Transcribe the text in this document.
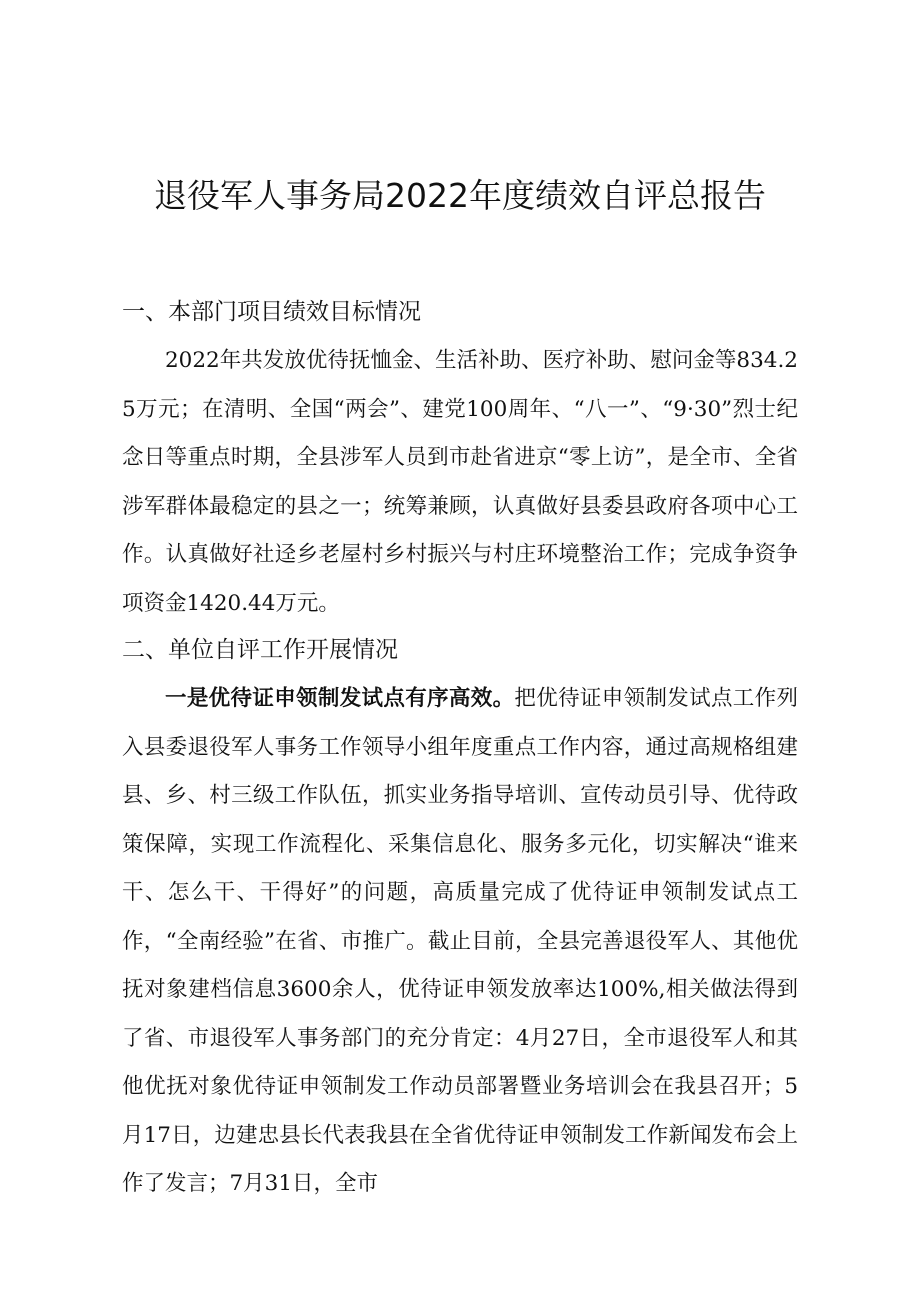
退役军人事务局2022年度绩效自评总报告
一、本部门项目绩效目标情况
2022年共发放优待抚恤金、生活补助、医疗补助、慰问金等834.25万元；在清明、全国“两会”、建党100周年、“八一”、“9·30”烈士纪念日等重点时期，全县涉军人员到市赴省进京“零上访”，是全市、全省涉军群体最稳定的县之一；统筹兼顾，认真做好县委县政府各项中心工作。认真做好社迳乡老屋村乡村振兴与村庄环境整治工作；完成争资争项资金1420.44万元。
二、单位自评工作开展情况
一是优待证申领制发试点有序高效。把优待证申领制发试点工作列入县委退役军人事务工作领导小组年度重点工作内容，通过高规格组建县、乡、村三级工作队伍，抓实业务指导培训、宣传动员引导、优待政策保障，实现工作流程化、采集信息化、服务多元化，切实解决“谁来干、怎么干、干得好”的问题，高质量完成了优待证申领制发试点工作，“全南经验”在省、市推广。截止目前，全县完善退役军人、其他优抚对象建档信息3600余人，优待证申领发放率达100%,相关做法得到了省、市退役军人事务部门的充分肯定：4月27日，全市退役军人和其他优抚对象优待证申领制发工作动员部署暨业务培训会在我县召开；5月17日，边建忠县长代表我县在全省优待证申领制发工作新闻发布会上作了发言；7月31日，全市
